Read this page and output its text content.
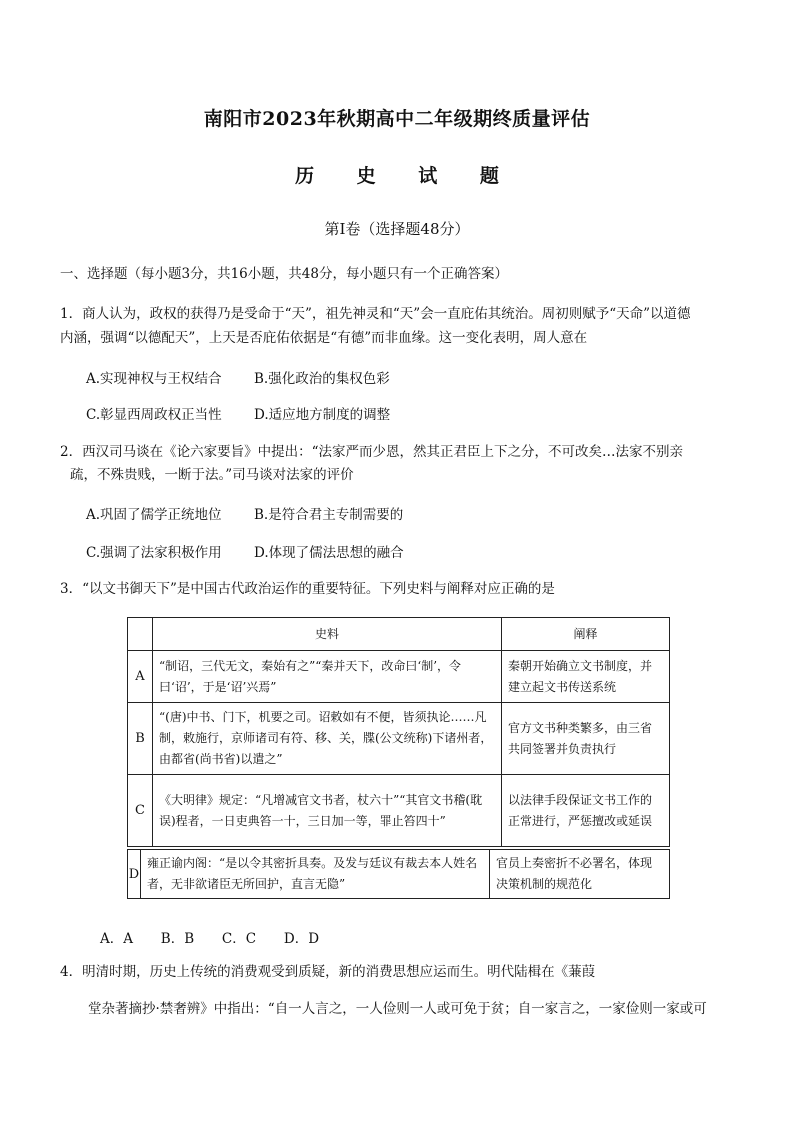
南阳市2023年秋期高中二年级期终质量评估
历 史 试 题
第Ⅰ卷（选择题48分）
一、选择题（每小题3分，共16小题，共48分，每小题只有一个正确答案）
1．商人认为，政权的获得乃是受命于“天”，祖先神灵和“天”会一直庇佑其统治。周初则赋予“天命”以道德
内涵，强调“以德配天”，上天是否庇佑依据是“有德”而非血缘。这一变化表明，周人意在
A.实现神权与王权结合 B.强化政治的集权色彩
C.彰显西周政权正当性 D.适应地方制度的调整
2．西汉司马谈在《论六家要旨》中提出：“法家严而少恩，然其正君臣上下之分，不可改矣…法家不别亲
疏，不殊贵贱，一断于法。”司马谈对法家的评价
A.巩固了儒学正统地位 B.是符合君主专制需要的
C.强调了法家积极作用 D.体现了儒法思想的融合
3．“以文书御天下”是中国古代政治运作的重要特征。下列史料与阐释对应正确的是
	史料	阐释
A	“制诏，三代无文，秦始有之”“秦并天下，改命曰‘制’，令曰‘诏’，于是‘诏’兴焉”	秦朝开始确立文书制度，并建立起文书传送系统
B	“(唐)中书、门下，机要之司。诏敕如有不便，皆须执论……凡制，敕施行，京师诸司有符、移、关，牒(公文统称)下诸州者，由都省(尚书省)以遣之”	官方文书种类繁多，由三省共同签署并负责执行
C	《大明律》规定：“凡增减官文书者，杖六十”“其官文书稽(耽误)程者，一日吏典笞一十，三日加一等，罪止笞四十”	以法律手段保证文书工作的正常进行，严惩擅改或延误
D	雍正谕内阁：“是以令其密折具奏。及发与廷议有裁去本人姓名者，无非欲诸臣无所回护，直言无隐”	官员上奏密折不必署名，体现决策机制的规范化
A．A　 B．B　 C．C　 D．D
4．明清时期，历史上传统的消费观受到质疑，新的消费思想应运而生。明代陆楫在《蒹葭
堂杂著摘抄·禁奢辨》中指出：“自一人言之，一人俭则一人或可免于贫；自一家言之，一家俭则一家或可
